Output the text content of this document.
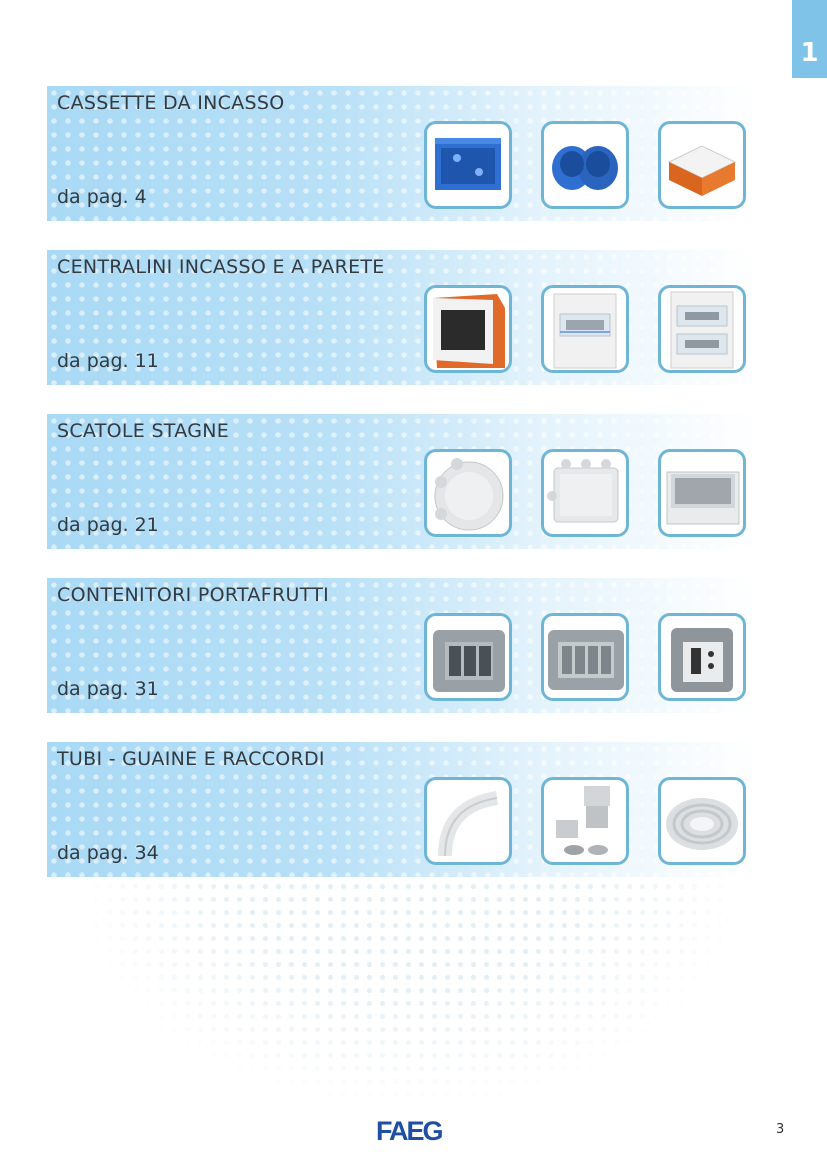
1
CASSETTE DA INCASSO
da pag. 4
CENTRALINI INCASSO E A PARETE
da pag. 11
SCATOLE STAGNE
da pag. 21
CONTENITORI PORTAFRUTTI
da pag. 31
TUBI - GUAINE E RACCORDI
da pag. 34
FAEG	3
